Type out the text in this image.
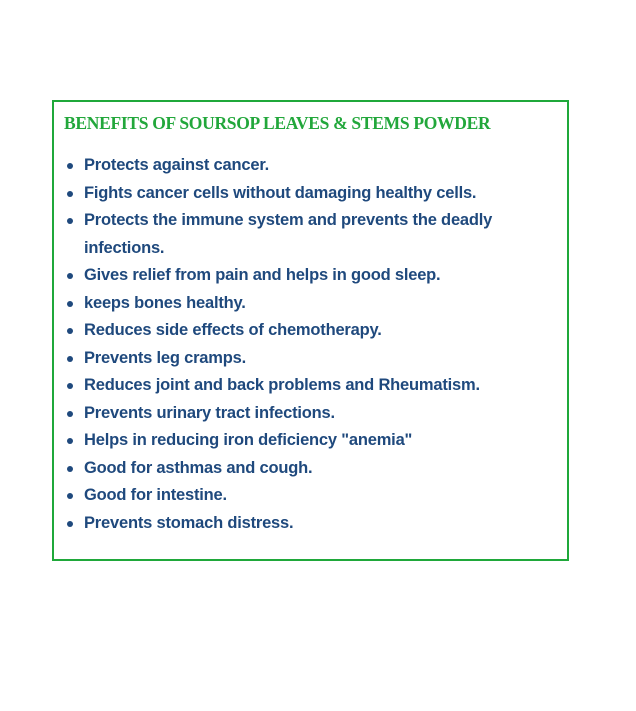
BENEFITS OF SOURSOP LEAVES & STEMS POWDER
Protects against cancer.
Fights cancer cells without damaging healthy cells.
Protects the immune system and prevents the deadly infections.
Gives relief from pain and helps in good sleep.
keeps bones healthy.
Reduces side effects of chemotherapy.
Prevents leg cramps.
Reduces joint and back problems and Rheumatism.
Prevents urinary tract infections.
Helps in reducing iron deficiency "anemia"
Good for asthmas and cough.
Good for intestine.
Prevents stomach distress.
